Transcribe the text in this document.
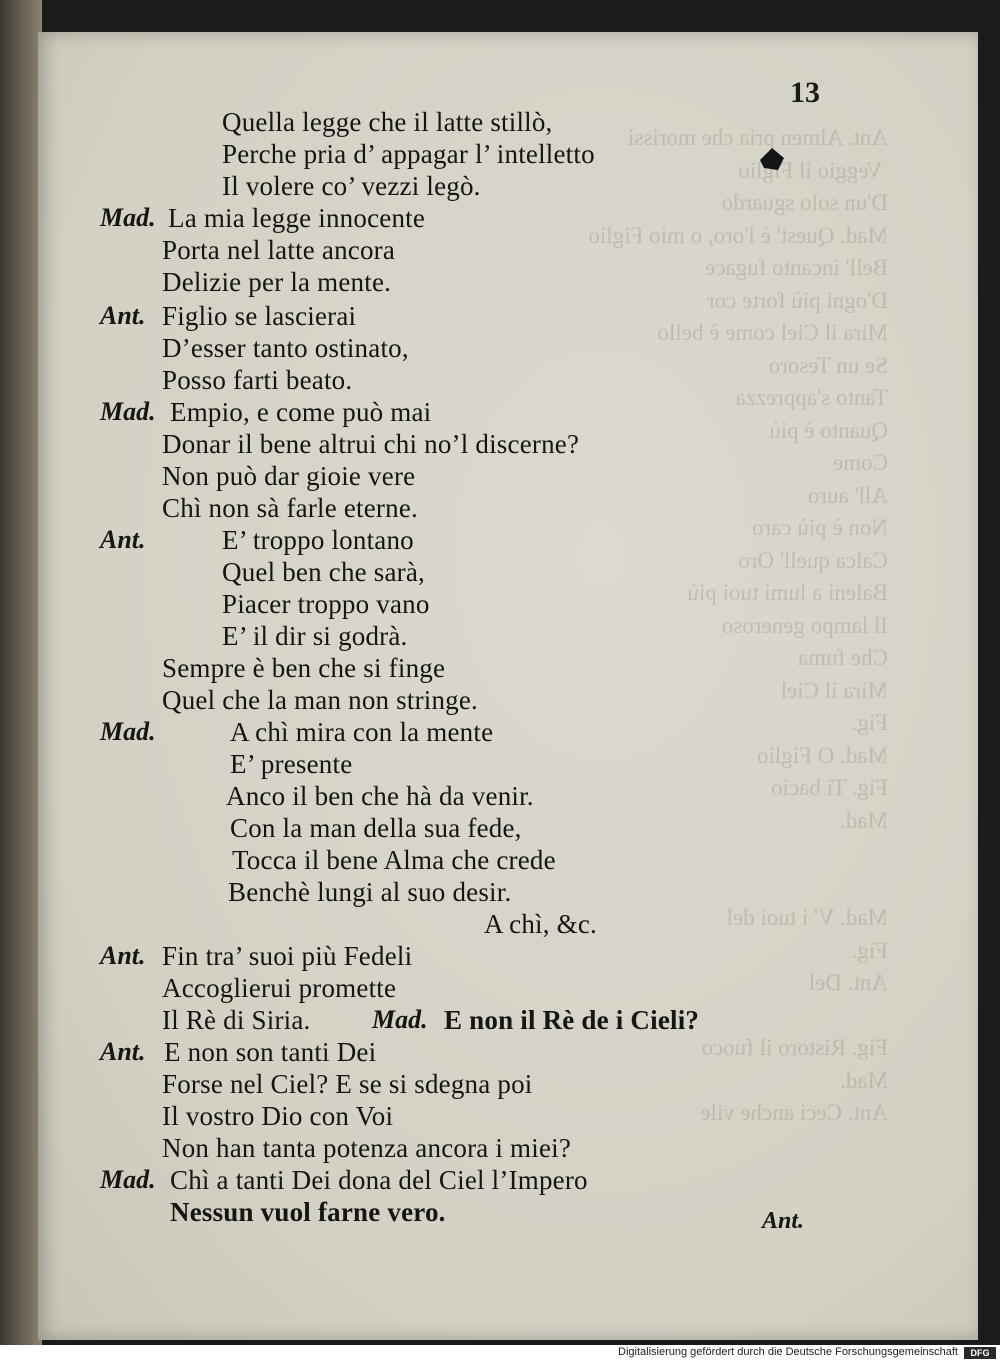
Ant. Almen pria che morissi
Veggio il Figlio
D'un solo sguardo
Mad. Quest' è l'oro, o mio Figlio
Bell' incanto fugace
D'ogni più forte cor
Mira il Ciel come è bello
Se un Tesoro
Tanto s'apprezza
Quanto è più
Come
All' auro
Non è più caro
Calca quell' Oro
Baleni a lumi tuoi più
Il lampo generoso
Che fuma
Mira il Ciel
Fig.
Mad. O Figlio
Fig. Ti bacio
Mad.

Mad. V' i tuoi del
Fig.
Ant. Del

Fig. Ristoro il fuoco
Mad.
Ant. Ceci anche vile
13
Quella legge che il latte stillò,
Perche pria d’ appagar l’ intelletto
Il volere co’ vezzi legò.
Mad. La mia legge innocente
Porta nel latte ancora
Delizie per la mente.
Ant. Figlio se lascierai
D’esser tanto ostinato,
Posso farti beato.
Mad. Empio, e come può mai
Donar il bene altrui chi no’l discerne?
Non può dar gioie vere
Chì non sà farle eterne.
Ant.	E’ troppo lontano
Quel ben che sarà,
Piacer troppo vano
E’ il dir si godrà.
Sempre è ben che si finge
Quel che la man non stringe.
Mad.	A chì mira con la mente
E’ presente
Anco il ben che hà da venir.
Con la man della sua fede,
Tocca il bene Alma che crede
Benchè lungi al suo desir.
A chì, &c.
Ant. Fin tra’ suoi più Fedeli
Accoglierui promette
Il Rè di Siria. Mad. E non il Rè de i Cieli?
Ant. E non son tanti Dei
Forse nel Ciel? E se si sdegna poi
Il vostro Dio con Voi
Non han tanta potenza ancora i miei?
Mad. Chì a tanti Dei dona del Ciel l’Impero
Nessun vuol farne vero.	Ant.
Digitalisierung gefördert durch die Deutsche Forschungsgemeinschaft	DFG
